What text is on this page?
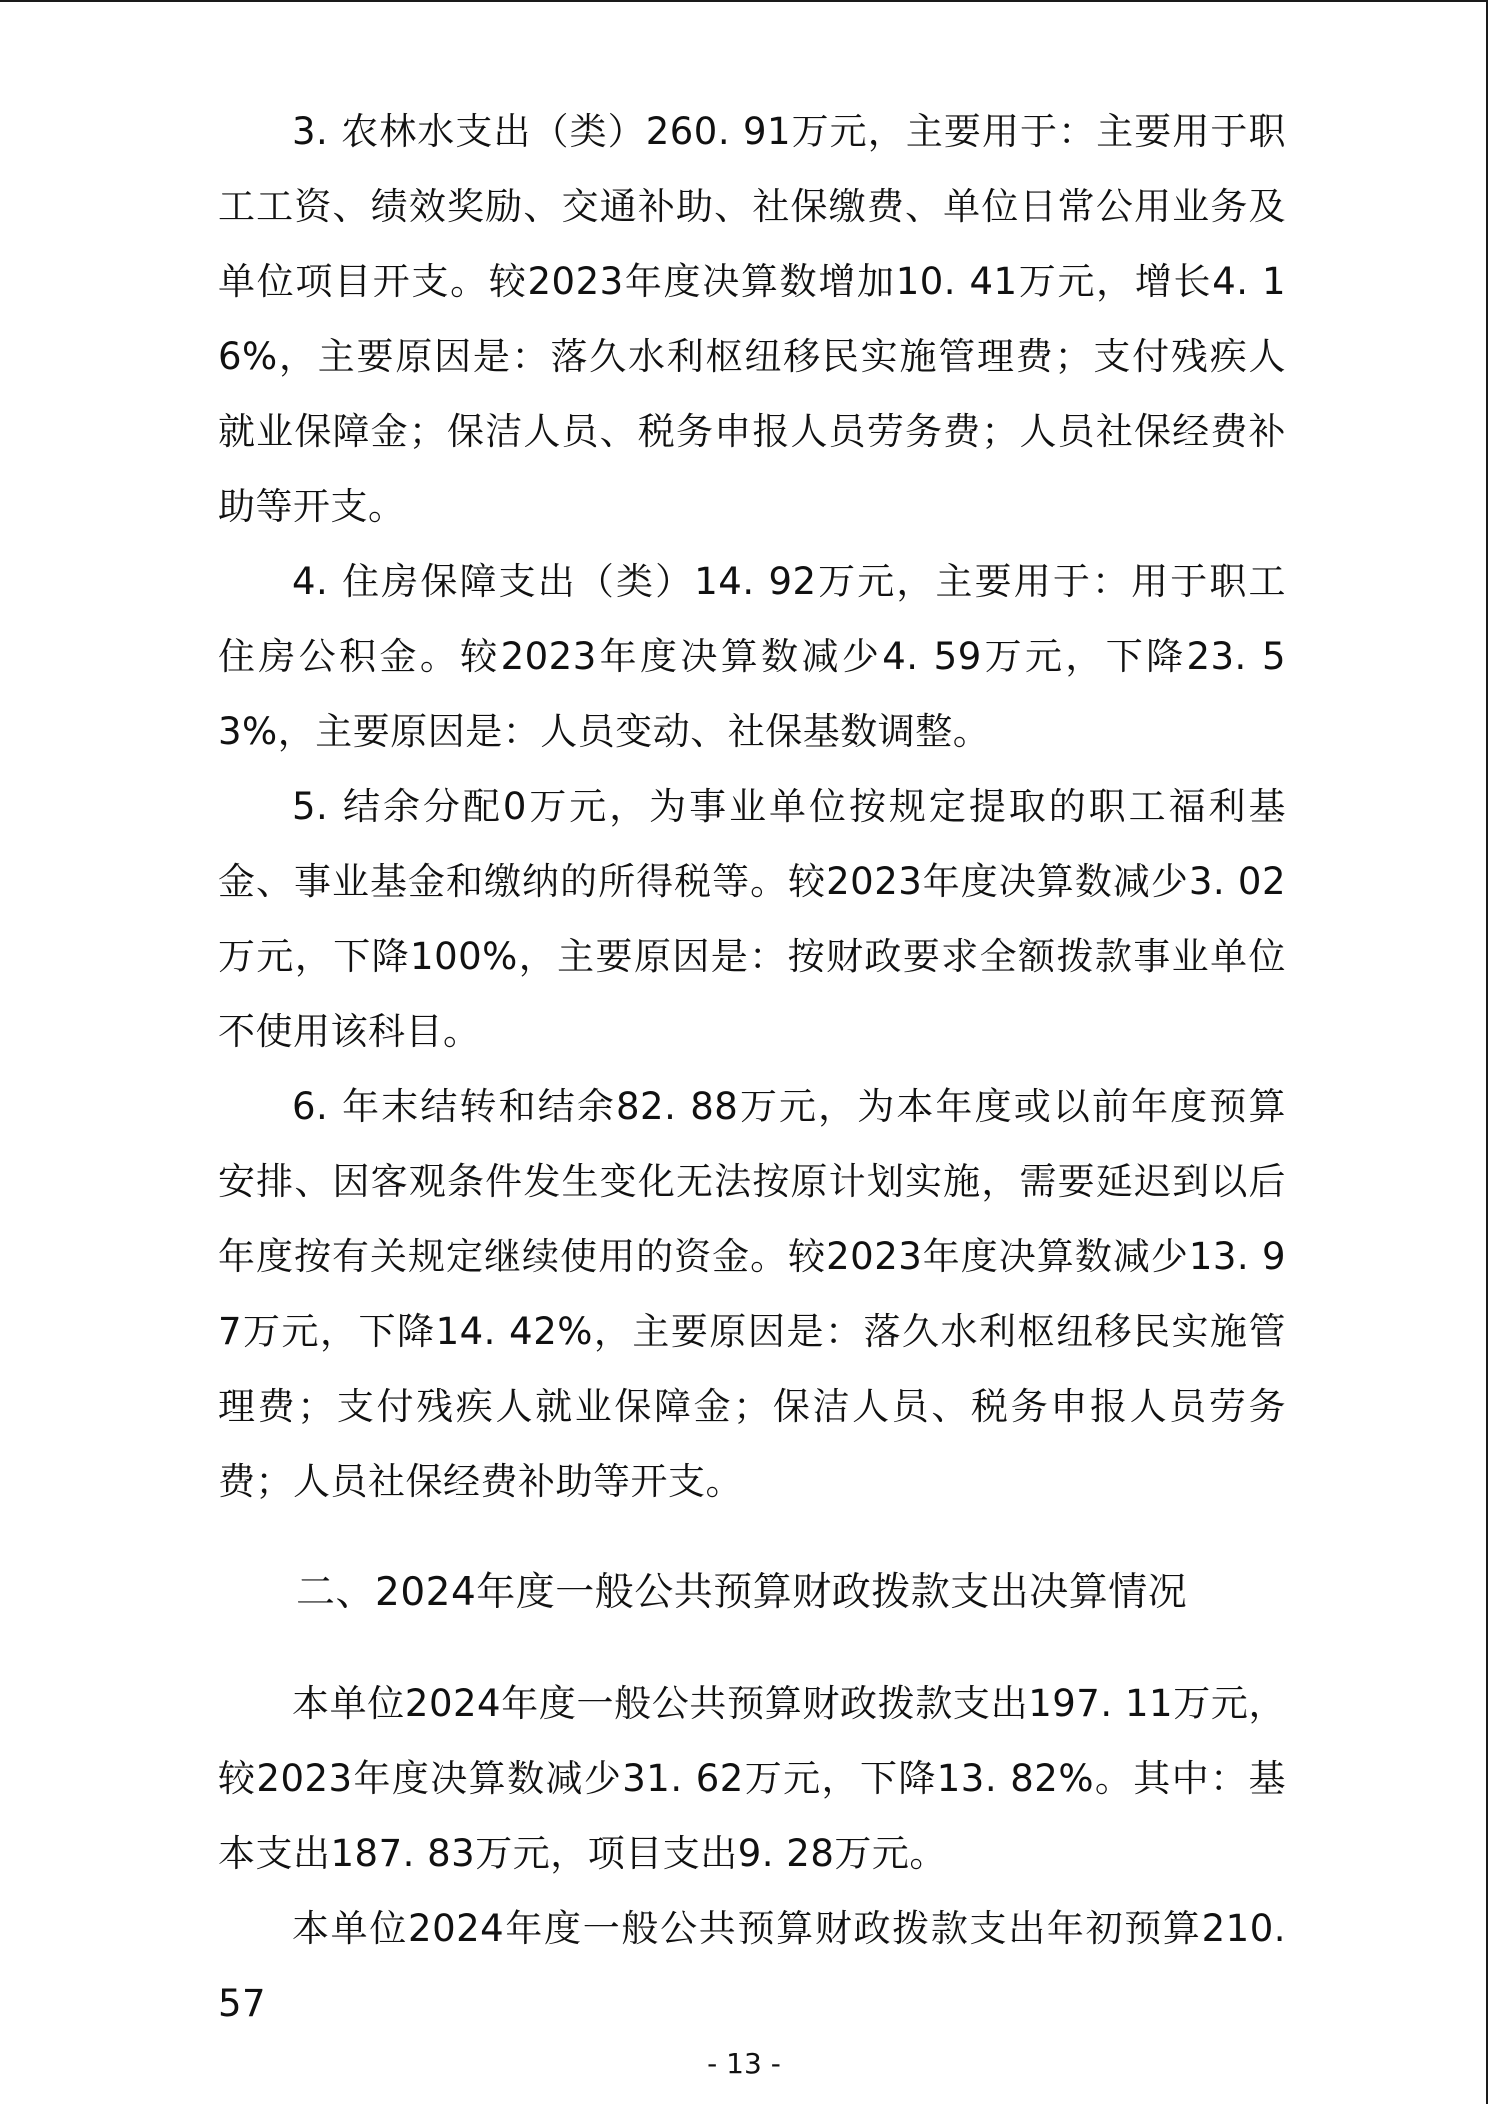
3. 农林水支出（类）260. 91万元，主要用于：主要用于职工工资、绩效奖励、交通补助、社保缴费、单位日常公用业务及单位项目开支。较2023年度决算数增加10. 41万元，增长4. 16%，主要原因是：落久水利枢纽移民实施管理费；支付残疾人就业保障金；保洁人员、税务申报人员劳务费；人员社保经费补助等开支。

4. 住房保障支出（类）14. 92万元，主要用于：用于职工住房公积金。较2023年度决算数减少4. 59万元，下降23. 53%，主要原因是：人员变动、社保基数调整。

5. 结余分配0万元，为事业单位按规定提取的职工福利基金、事业基金和缴纳的所得税等。较2023年度决算数减少3. 02万元，下降100%，主要原因是：按财政要求全额拨款事业单位不使用该科目。

6. 年末结转和结余82. 88万元，为本年度或以前年度预算安排、因客观条件发生变化无法按原计划实施，需要延迟到以后年度按有关规定继续使用的资金。较2023年度决算数减少13. 97万元，下降14. 42%，主要原因是：落久水利枢纽移民实施管理费；支付残疾人就业保障金；保洁人员、税务申报人员劳务费；人员社保经费补助等开支。

二、2024年度一般公共预算财政拨款支出决算情况

本单位2024年度一般公共预算财政拨款支出197. 11万元，较2023年度决算数减少31. 62万元，下降13. 82%。其中：基本支出187. 83万元，项目支出9. 28万元。

本单位2024年度一般公共预算财政拨款支出年初预算210. 57

- 13 -
